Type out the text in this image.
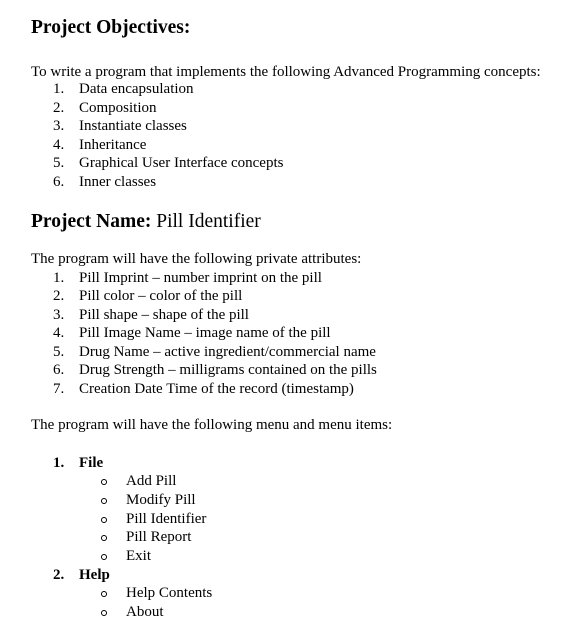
Project Objectives:
To write a program that implements the following Advanced Programming concepts:
1. Data encapsulation
2. Composition
3. Instantiate classes
4. Inheritance
5. Graphical User Interface concepts
6. Inner classes
Project Name: Pill Identifier
The program will have the following private attributes:
1. Pill Imprint – number imprint on the pill
2. Pill color – color of the pill
3. Pill shape – shape of the pill
4. Pill Image Name – image name of the pill
5. Drug Name – active ingredient/commercial name
6. Drug Strength – milligrams contained on the pills
7. Creation Date Time of the record (timestamp)
The program will have the following menu and menu items:
1. File
Add Pill
Modify Pill
Pill Identifier
Pill Report
Exit
2. Help
Help Contents
About
